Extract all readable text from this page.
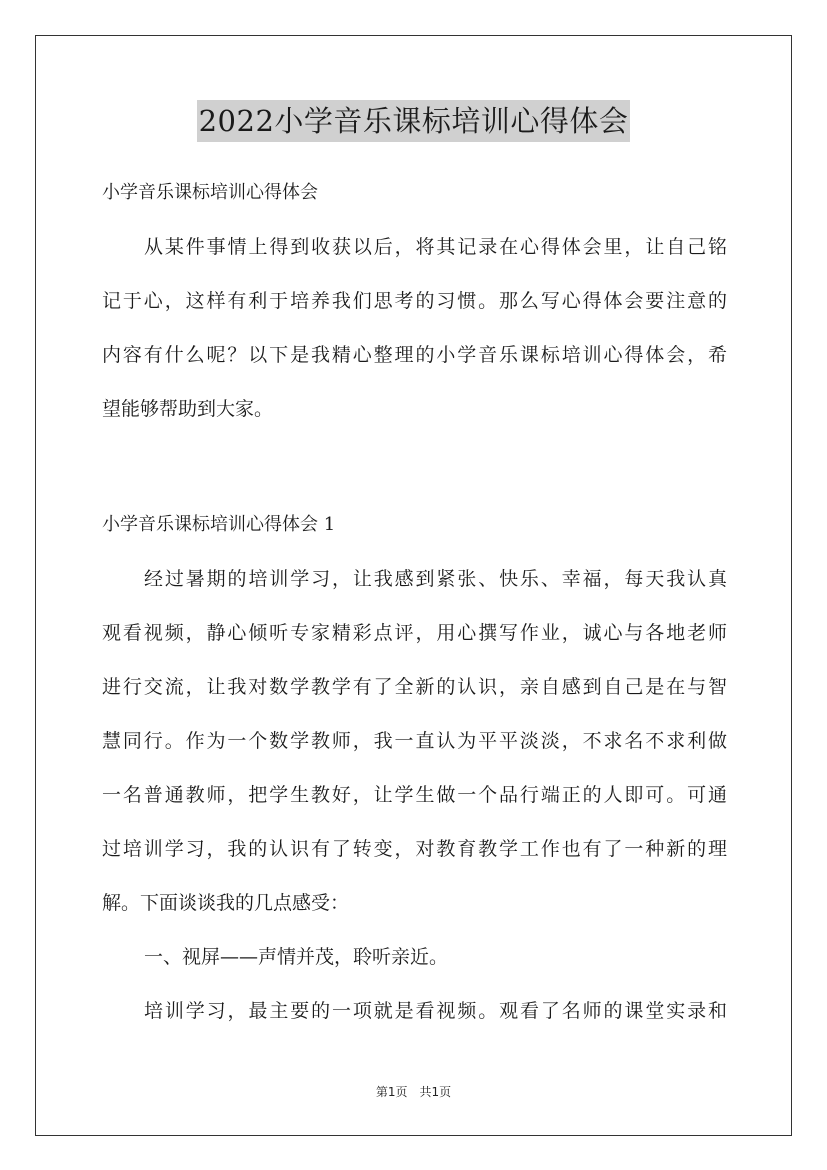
2022小学音乐课标培训心得体会
小学音乐课标培训心得体会
从某件事情上得到收获以后，将其记录在心得体会里，让自己铭
记于心，这样有利于培养我们思考的习惯。那么写心得体会要注意的
内容有什么呢？以下是我精心整理的小学音乐课标培训心得体会，希
望能够帮助到大家。
小学音乐课标培训心得体会 1
经过暑期的培训学习，让我感到紧张、快乐、幸福，每天我认真
观看视频，静心倾听专家精彩点评，用心撰写作业，诚心与各地老师
进行交流，让我对数学教学有了全新的认识，亲自感到自己是在与智
慧同行。作为一个数学教师，我一直认为平平淡淡，不求名不求利做
一名普通教师，把学生教好，让学生做一个品行端正的人即可。可通
过培训学习，我的认识有了转变，对教育教学工作也有了一种新的理
解。下面谈谈我的几点感受：
一、视屏——声情并茂，聆听亲近。
培训学习，最主要的一项就是看视频。观看了名师的课堂实录和
第1页　共1页
